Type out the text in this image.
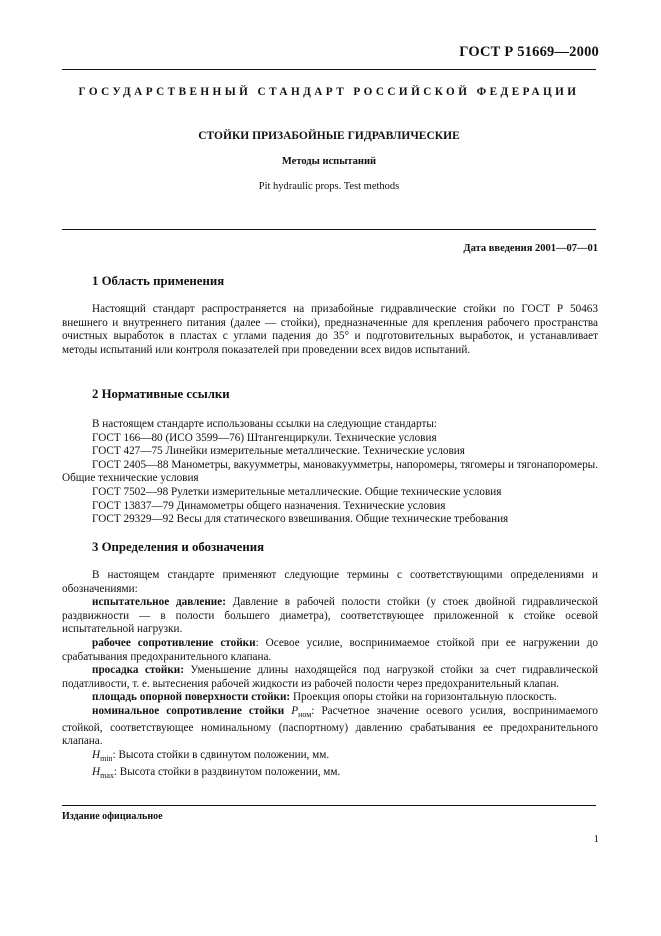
ГОСТ Р 51669—2000
ГОСУДАРСТВЕННЫЙ СТАНДАРТ РОССИЙСКОЙ ФЕДЕРАЦИИ
СТОЙКИ ПРИЗАБОЙНЫЕ ГИДРАВЛИЧЕСКИЕ
Методы испытаний
Pit hydraulic props. Test methods
Дата введения 2001—07—01
1 Область применения

Настоящий стандарт распространяется на призабойные гидравлические стойки по ГОСТ Р 50463 внешнего и внутреннего питания (далее — стойки), предназначенные для крепления рабочего пространства очистных выработок в пластах с углами падения до 35° и подготовительных выработок, и устанавливает методы испытаний или контроля показателей при проведении всех видов испытаний.

2 Нормативные ссылки

В настоящем стандарте использованы ссылки на следующие стандарты:

ГОСТ 166—80 (ИСО 3599—76) Штангенциркули. Технические условия

ГОСТ 427—75 Линейки измерительные металлические. Технические условия

ГОСТ 2405—88 Манометры, вакуумметры, мановакуумметры, напоромеры, тягомеры и тягонапоромеры. Общие технические условия

ГОСТ 7502—98 Рулетки измерительные металлические. Общие технические условия

ГОСТ 13837—79 Динамометры общего назначения. Технические условия

ГОСТ 29329—92 Весы для статического взвешивания. Общие технические требования

3 Определения и обозначения

В настоящем стандарте применяют следующие термины с соответствующими определениями и обозначениями:

испытательное давление: Давление в рабочей полости стойки (у стоек двойной гидравлической раздвижности — в полости большего диаметра), соответствующее приложенной к стойке осевой испытательной нагрузки.

рабочее сопротивление стойки: Осевое усилие, воспринимаемое стойкой при ее нагружении до срабатывания предохранительного клапана.

просадка стойки: Уменьшение длины находящейся под нагрузкой стойки за счет гидравлической податливости, т. е. вытеснения рабочей жидкости из рабочей полости через предохранительный клапан.

площадь опорной поверхности стойки: Проекция опоры стойки на горизонтальную плоскость.

номинальное сопротивление стойки $P_{ном}$: Расчетное значение осевого усилия, воспринимаемого стойкой, соответствующее номинальному (паспортному) давлению срабатывания ее предохранительного клапана.

$H_{min}$: Высота стойки в сдвинутом положении, мм.

$H_{max}$: Высота стойки в раздвинутом положении, мм.

Издание официальное
1
